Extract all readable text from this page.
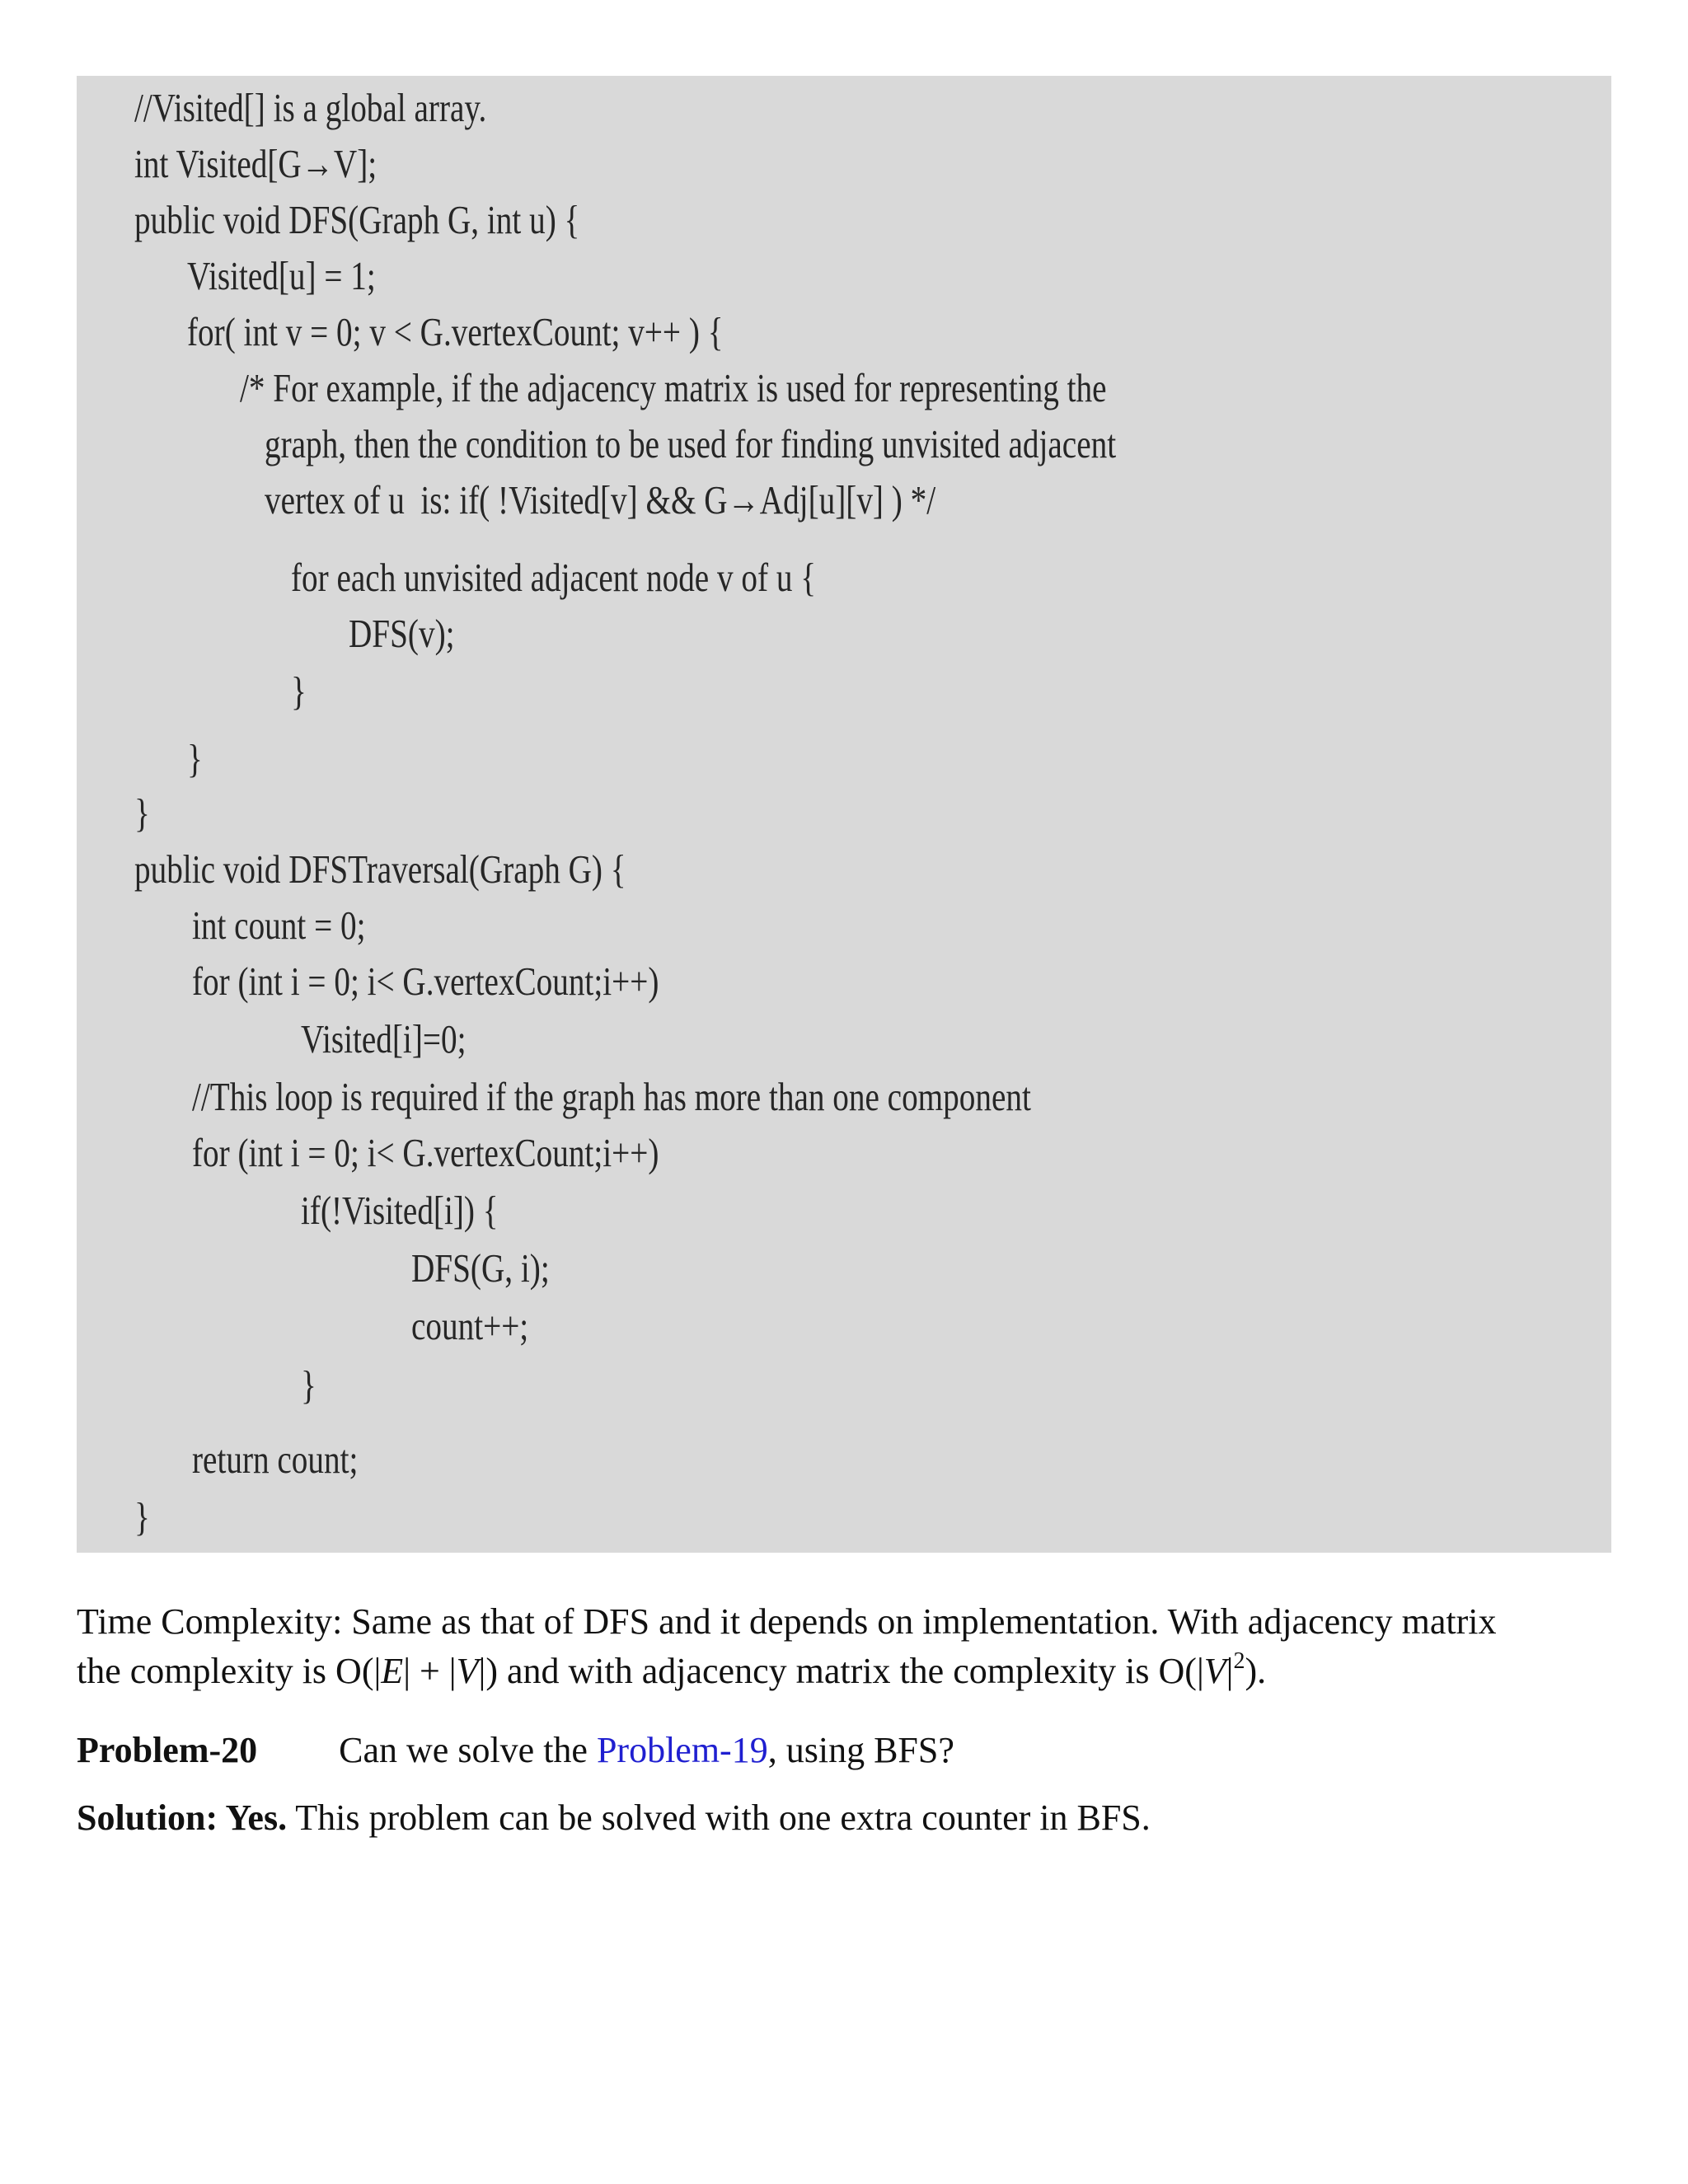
//Visited[] is a global array.
int Visited[G→V];
public void DFS(Graph G, int u) {
Visited[u] = 1;
for( int v = 0; v < G.vertexCount; v++ ) {
/* For example, if the adjacency matrix is used for representing the
graph, then the condition to be used for finding unvisited adjacent
vertex of u  is: if( !Visited[v] && G→Adj[u][v] ) */
for each unvisited adjacent node v of u {
DFS(v);
}
}
}
public void DFSTraversal(Graph G) {
int count = 0;
for (int i = 0; i< G.vertexCount;i++)
Visited[i]=0;
//This loop is required if the graph has more than one component
for (int i = 0; i< G.vertexCount;i++)
if(!Visited[i]) {
DFS(G, i);
count++;
}
return count;
}
Time Complexity: Same as that of DFS and it depends on implementation. With adjacency matrix
the complexity is O(|E| + |V|) and with adjacency matrix the complexity is $O(|V|^2)$.
Problem-20 Can we solve the Problem-19, using BFS?
Solution: Yes. This problem can be solved with one extra counter in BFS.
